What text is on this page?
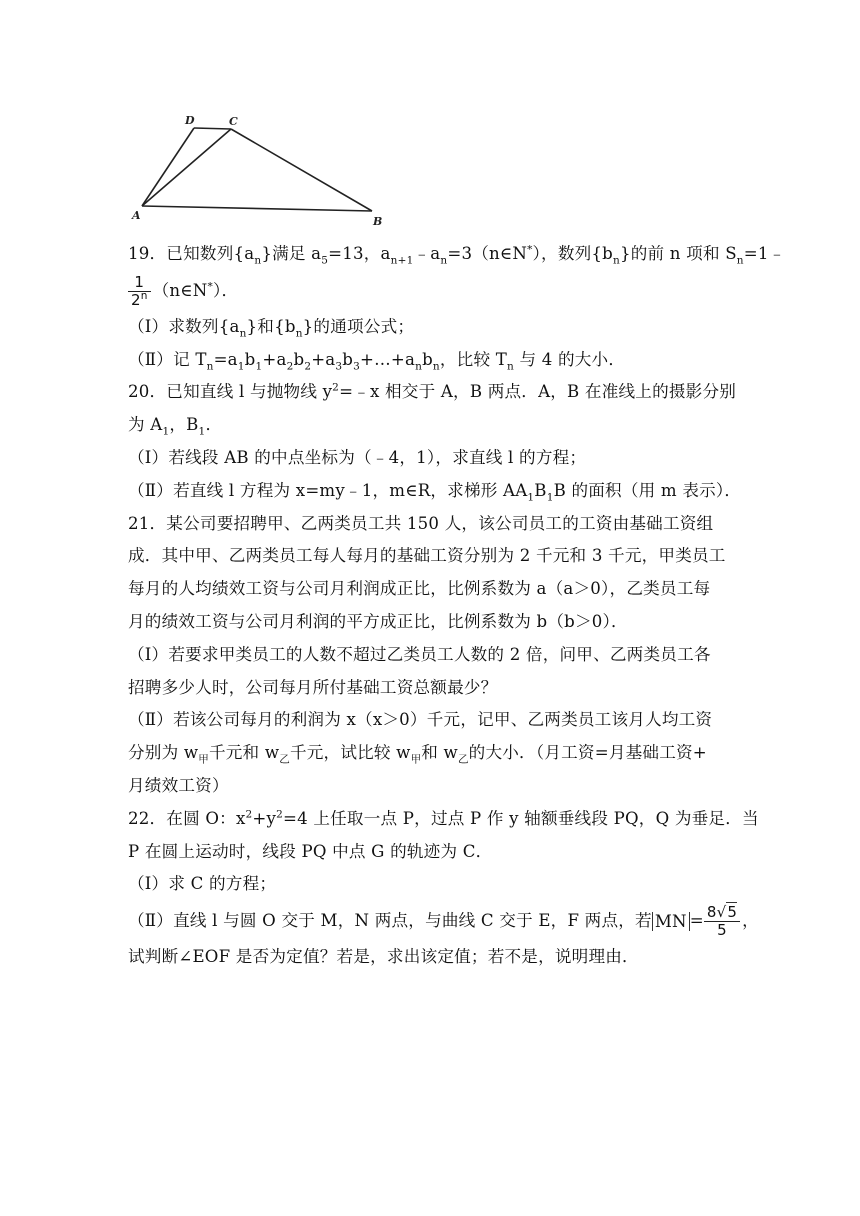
D	C
A	B
19．已知数列$\{a_n\}$满足 $a_5=13$，$a_{n+1}﹣a_n=3(n\in N^*)$，数列$\{b_n\}$的前 n 项和 $S_n=1﹣$
$\frac{1}{2^n}$ （n∈N*）．
（Ⅰ）求数列$\{a_n\}$和$\{b_n\}$的通项公式；
（Ⅱ）记 $T_n=a_1b_1+a_2b_2+a_3b_3+\dots+a_nb_n$，比较 $T_n$ 与 4 的大小．
20．已知直线 l 与抛物线 $y^2=﹣x$ 相交于 A，B 两点．A，B 在准线上的摄影分别
为 $A_1$，$B_1$．
（Ⅰ）若线段 AB 的中点坐标为（﹣4，1），求直线 l 的方程；
（Ⅱ）若直线 l 方程为 x=my﹣1，m∈R，求梯形 $AA_1B_1B$ 的面积（用 m 表示）．
21．某公司要招聘甲、乙两类员工共 150 人，该公司员工的工资由基础工资组
成．其中甲、乙两类员工每人每月的基础工资分别为 2 千元和 3 千元，甲类员工
每月的人均绩效工资与公司月利润成正比，比例系数为 a（a＞0），乙类员工每
月的绩效工资与公司月利润的平方成正比，比例系数为 b（b＞0）．
（Ⅰ）若要求甲类员工的人数不超过乙类员工人数的 2 倍，问甲、乙两类员工各
招聘多少人时，公司每月所付基础工资总额最少？
（Ⅱ）若该公司每月的利润为 x（x＞0）千元，记甲、乙两类员工该月人均工资
分别为 $w_甲$千元和 $w_乙$千元，试比较 $w_甲$和 $w_乙$的大小．（月工资=月基础工资+
月绩效工资）
22．在圆 O：$x^2+y^2=4$ 上任取一点 P，过点 P 作 y 轴额垂线段 PQ，Q 为垂足．当
P 在圆上运动时，线段 PQ 中点 G 的轨迹为 C．
（Ⅰ）求 C 的方程；
（Ⅱ）直线 l 与圆 O 交于 M，N 两点，与曲线 C 交于 E，F 两点，若 MN = $\frac{8√5}{5}$ ，
试判断∠EOF 是否为定值？若是，求出该定值；若不是，说明理由．
